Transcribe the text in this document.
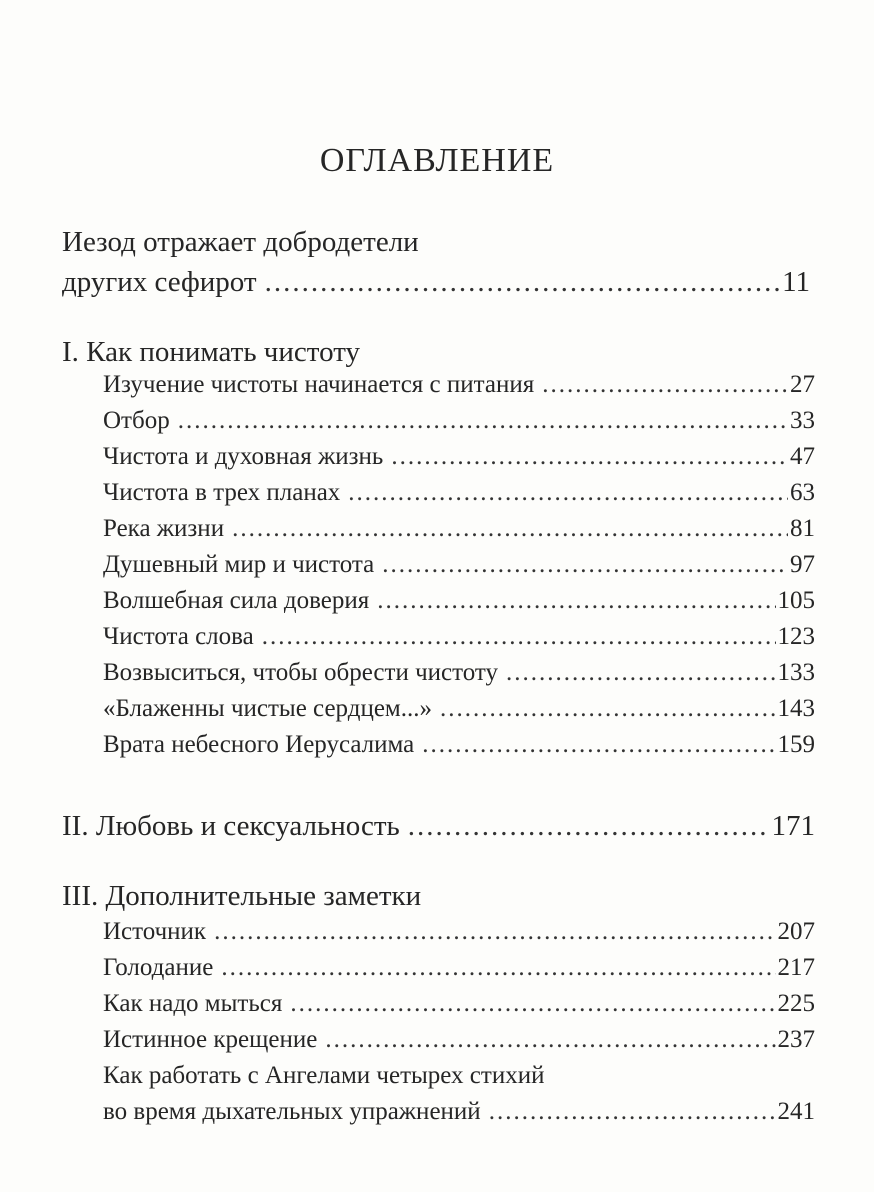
ОГЛАВЛЕНИЕ
Иезод отражает добродетели
других сефирот .....	11
I. Как понимать чистоту
Изучение чистоты начинается с питания .....	27
Отбор .....	33
Чистота и духовная жизнь .....	47
Чистота в трех планах .....	63
Река жизни .....	81
Душевный мир и чистота .....	97
Волшебная сила доверия .....	105
Чистота слова .....	123
Возвыситься, чтобы обрести чистоту .....	133
«Блаженны чистые сердцем...» .....	143
Врата небесного Иерусалима .....	159
II. Любовь и сексуальность .....	171
III. Дополнительные заметки
Источник .....	207
Голодание .....	217
Как надо мыться .....	225
Истинное крещение .....	237
Как работать с Ангелами четырех стихий
во время дыхательных упражнений .....	241
